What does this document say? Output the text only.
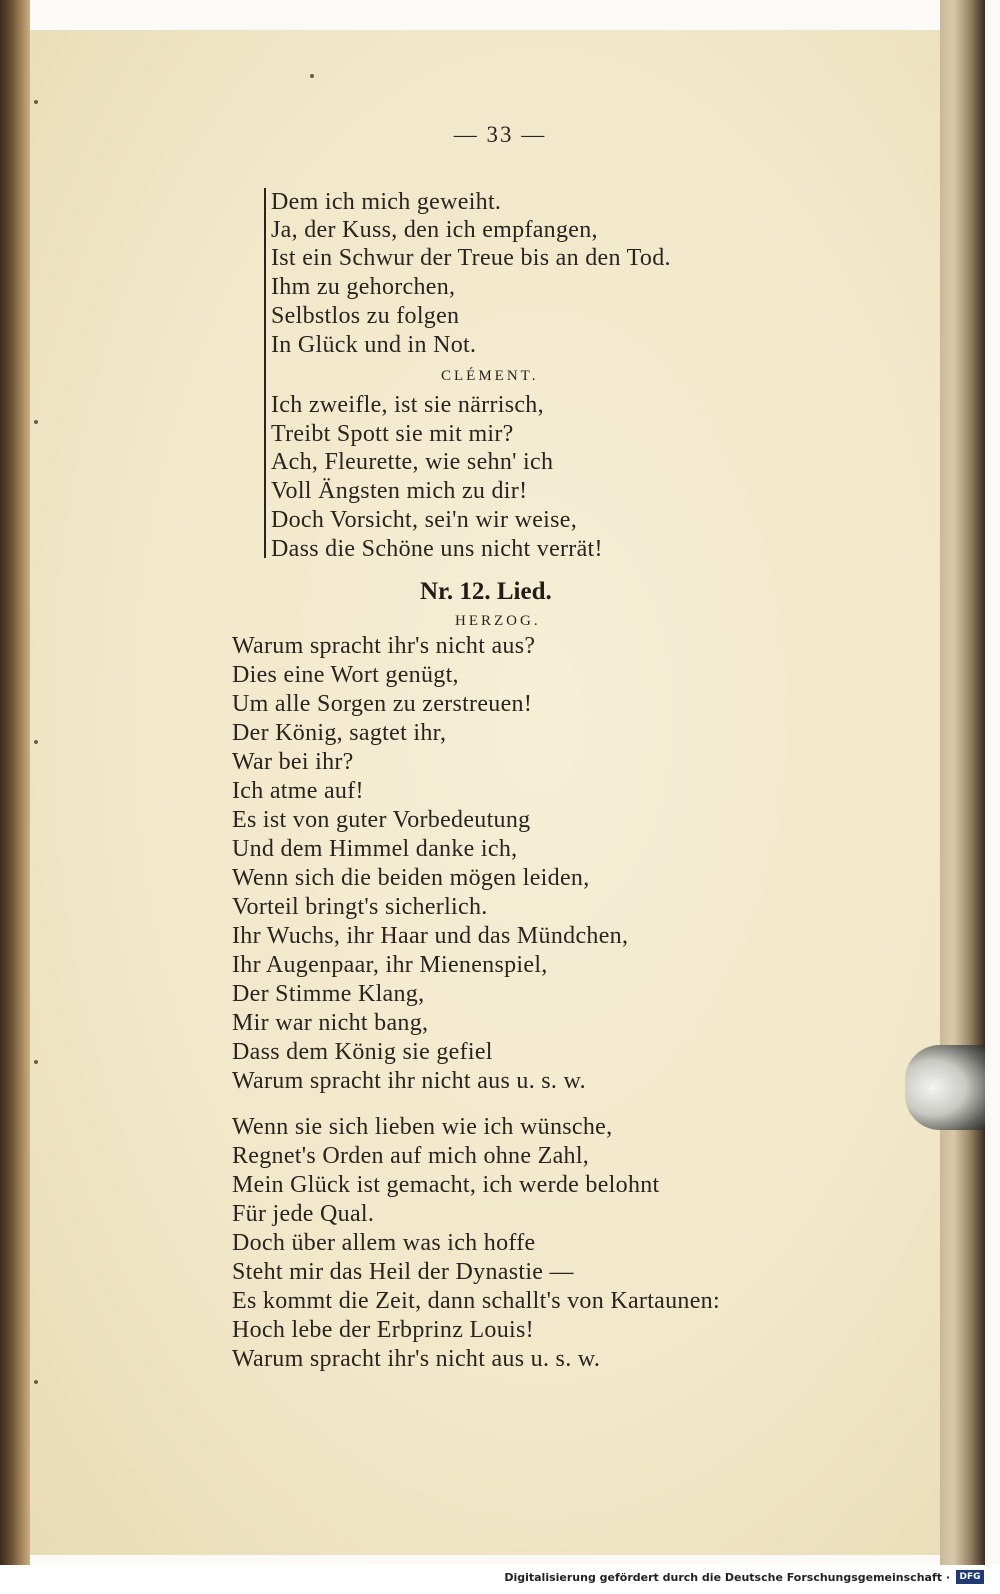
— 33 —
Dem ich mich geweiht.
Ja, der Kuss, den ich empfangen,
Ist ein Schwur der Treue bis an den Tod.
Ihm zu gehorchen,
Selbstlos zu folgen
In Glück und in Not.
CLÉMENT.
Ich zweifle, ist sie närrisch,
Treibt Spott sie mit mir?
Ach, Fleurette, wie sehn' ich
Voll Ängsten mich zu dir!
Doch Vorsicht, sei'n wir weise,
Dass die Schöne uns nicht verrät!
Nr. 12. Lied.
HERZOG.
Warum spracht ihr's nicht aus?
Dies eine Wort genügt,
Um alle Sorgen zu zerstreuen!
Der König, sagtet ihr,
War bei ihr?
Ich atme auf!
Es ist von guter Vorbedeutung
Und dem Himmel danke ich,
Wenn sich die beiden mögen leiden,
Vorteil bringt's sicherlich.
Ihr Wuchs, ihr Haar und das Mündchen,
Ihr Augenpaar, ihr Mienenspiel,
Der Stimme Klang,
Mir war nicht bang,
Dass dem König sie gefiel
Warum spracht ihr nicht aus u. s. w.
Wenn sie sich lieben wie ich wünsche,
Regnet's Orden auf mich ohne Zahl,
Mein Glück ist gemacht, ich werde belohnt
Für jede Qual.
Doch über allem was ich hoffe
Steht mir das Heil der Dynastie —
Es kommt die Zeit, dann schallt's von Kartaunen:
Hoch lebe der Erbprinz Louis!
Warum spracht ihr's nicht aus u. s. w.
Digitalisierung gefördert durch die Deutsche Forschungsgemeinschaft ·	DFG
